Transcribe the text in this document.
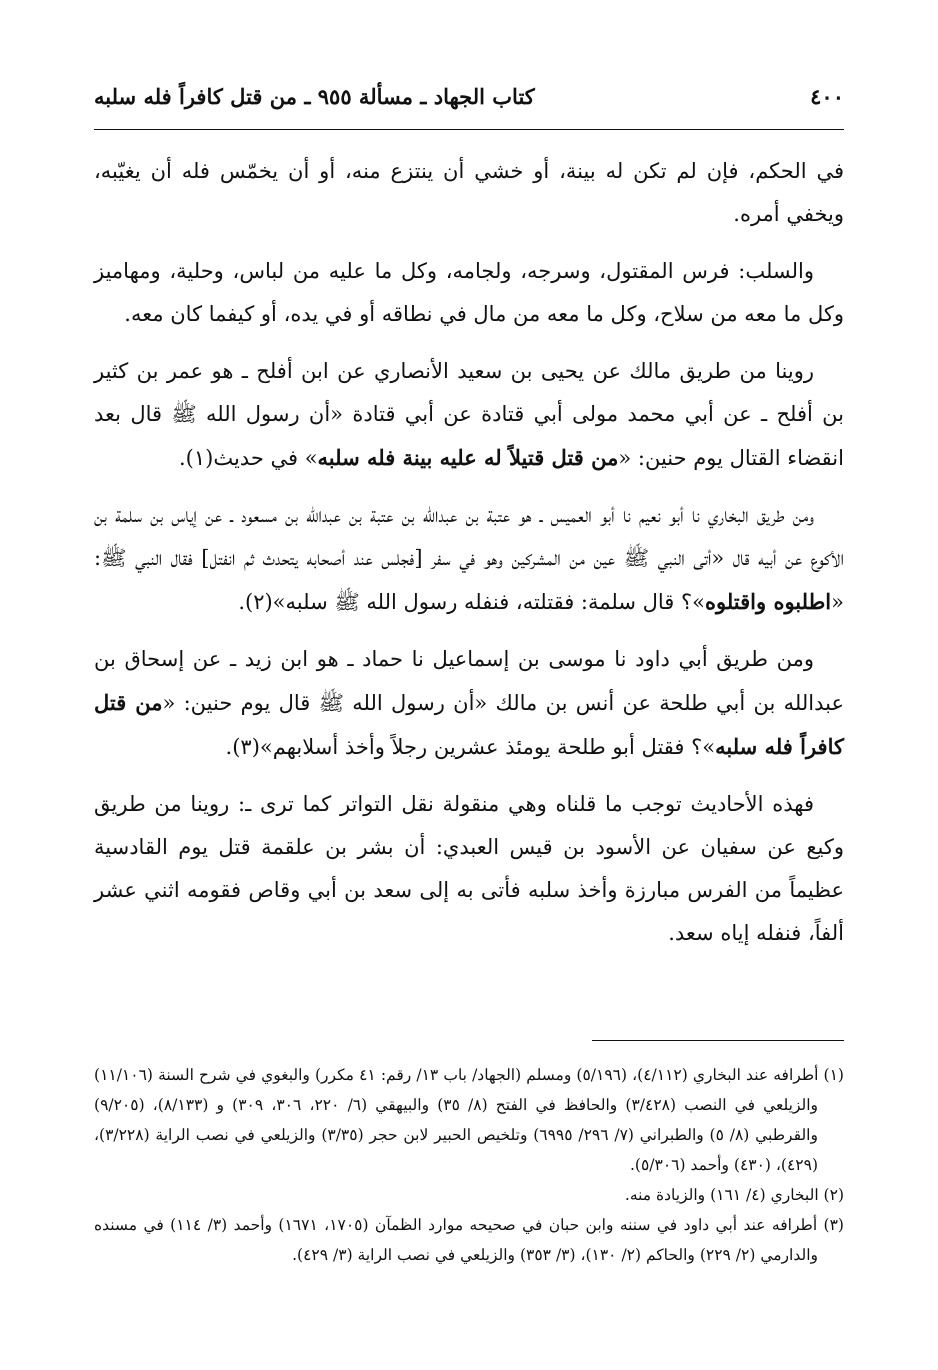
٤٠٠
كتاب الجهاد ـ مسألة ٩٥٥ ـ من قتل كافراً فله سلبه

في الحكم، فإن لم تكن له بينة، أو خشي أن ينتزع منه، أو أن يخمّس فله أن يغيّبه، ويخفي أمره.

والسلب: فرس المقتول، وسرجه، ولجامه، وكل ما عليه من لباس، وحلية، ومهاميز وكل ما معه من سلاح، وكل ما معه من مال في نطاقه أو في يده، أو كيفما كان معه.

روينا من طريق مالك عن يحيى بن سعيد الأنصاري عن ابن أفلح ـ هو عمر بن كثير بن أفلح ـ عن أبي محمد مولى أبي قتادة عن أبي قتادة «أن رسول الله ﷺ قال بعد انقضاء القتال يوم حنين: «من قتل قتيلاً له عليه بينة فله سلبه» في حديث(١).

ومن طريق البخاري نا أبو نعيم نا أبو العميس ـ هو عتبة بن عبدالله بن عتبة بن عبدالله بن مسعود ـ عن إياس بن سلمة بن الأكوع عن أبيه قال «أتى النبي ﷺ عين من المشركين وهو في سفر [فجلس عند أصحابه يتحدث ثم انفتل] فقال النبي ﷺ: «اطلبوه واقتلوه»؟ قال سلمة: فقتلته، فنفله رسول الله ﷺ سلبه»(٢).

ومن طريق أبي داود نا موسى بن إسماعيل نا حماد ـ هو ابن زيد ـ عن إسحاق بن عبدالله بن أبي طلحة عن أنس بن مالك «أن رسول الله ﷺ قال يوم حنين: «من قتل كافراً فله سلبه»؟ فقتل أبو طلحة يومئذ عشرين رجلاً وأخذ أسلابهم»(٣).

فهذه الأحاديث توجب ما قلناه وهي منقولة نقل التواتر كما ترى ـ: روينا من طريق وكيع عن سفيان عن الأسود بن قيس العبدي: أن بشر بن علقمة قتل يوم القادسية عظيماً من الفرس مبارزة وأخذ سلبه فأتى به إلى سعد بن أبي وقاص فقومه اثني عشر ألفاً، فنفله إياه سعد.

(١) أطرافه عند البخاري (٤/١١٢)، (٥/١٩٦) ومسلم (الجهاد/ باب ١٣/ رقم: ٤١ مكرر) والبغوي في شرح السنة (١١/١٠٦) والزيلعي في النصب (٣/٤٢٨) والحافظ في الفتح (٨/ ٣٥) والبيهقي (٦/ ٢٢٠، ٣٠٦، ٣٠٩) و (٨/١٣٣)، (٩/٢٠٥) والقرطبي (٨/ ٥) والطبراني (٧/ ٢٩٦/ ٦٩٩٥) وتلخيص الحبير لابن حجر (٣/٣٥) والزيلعي في نصب الراية (٣/٢٢٨)، (٤٢٩)، (٤٣٠) وأحمد (٥/٣٠٦).

(٢) البخاري (٤/ ١٦١) والزيادة منه.

(٣) أطرافه عند أبي داود في سننه وابن حبان في صحيحه موارد الظمآن (١٧٠٥، ١٦٧١) وأحمد (٣/ ١١٤) في مسنده والدارمي (٢/ ٢٢٩) والحاكم (٢/ ١٣٠)، (٣/ ٣٥٣) والزيلعي في نصب الراية (٣/ ٤٢٩).
